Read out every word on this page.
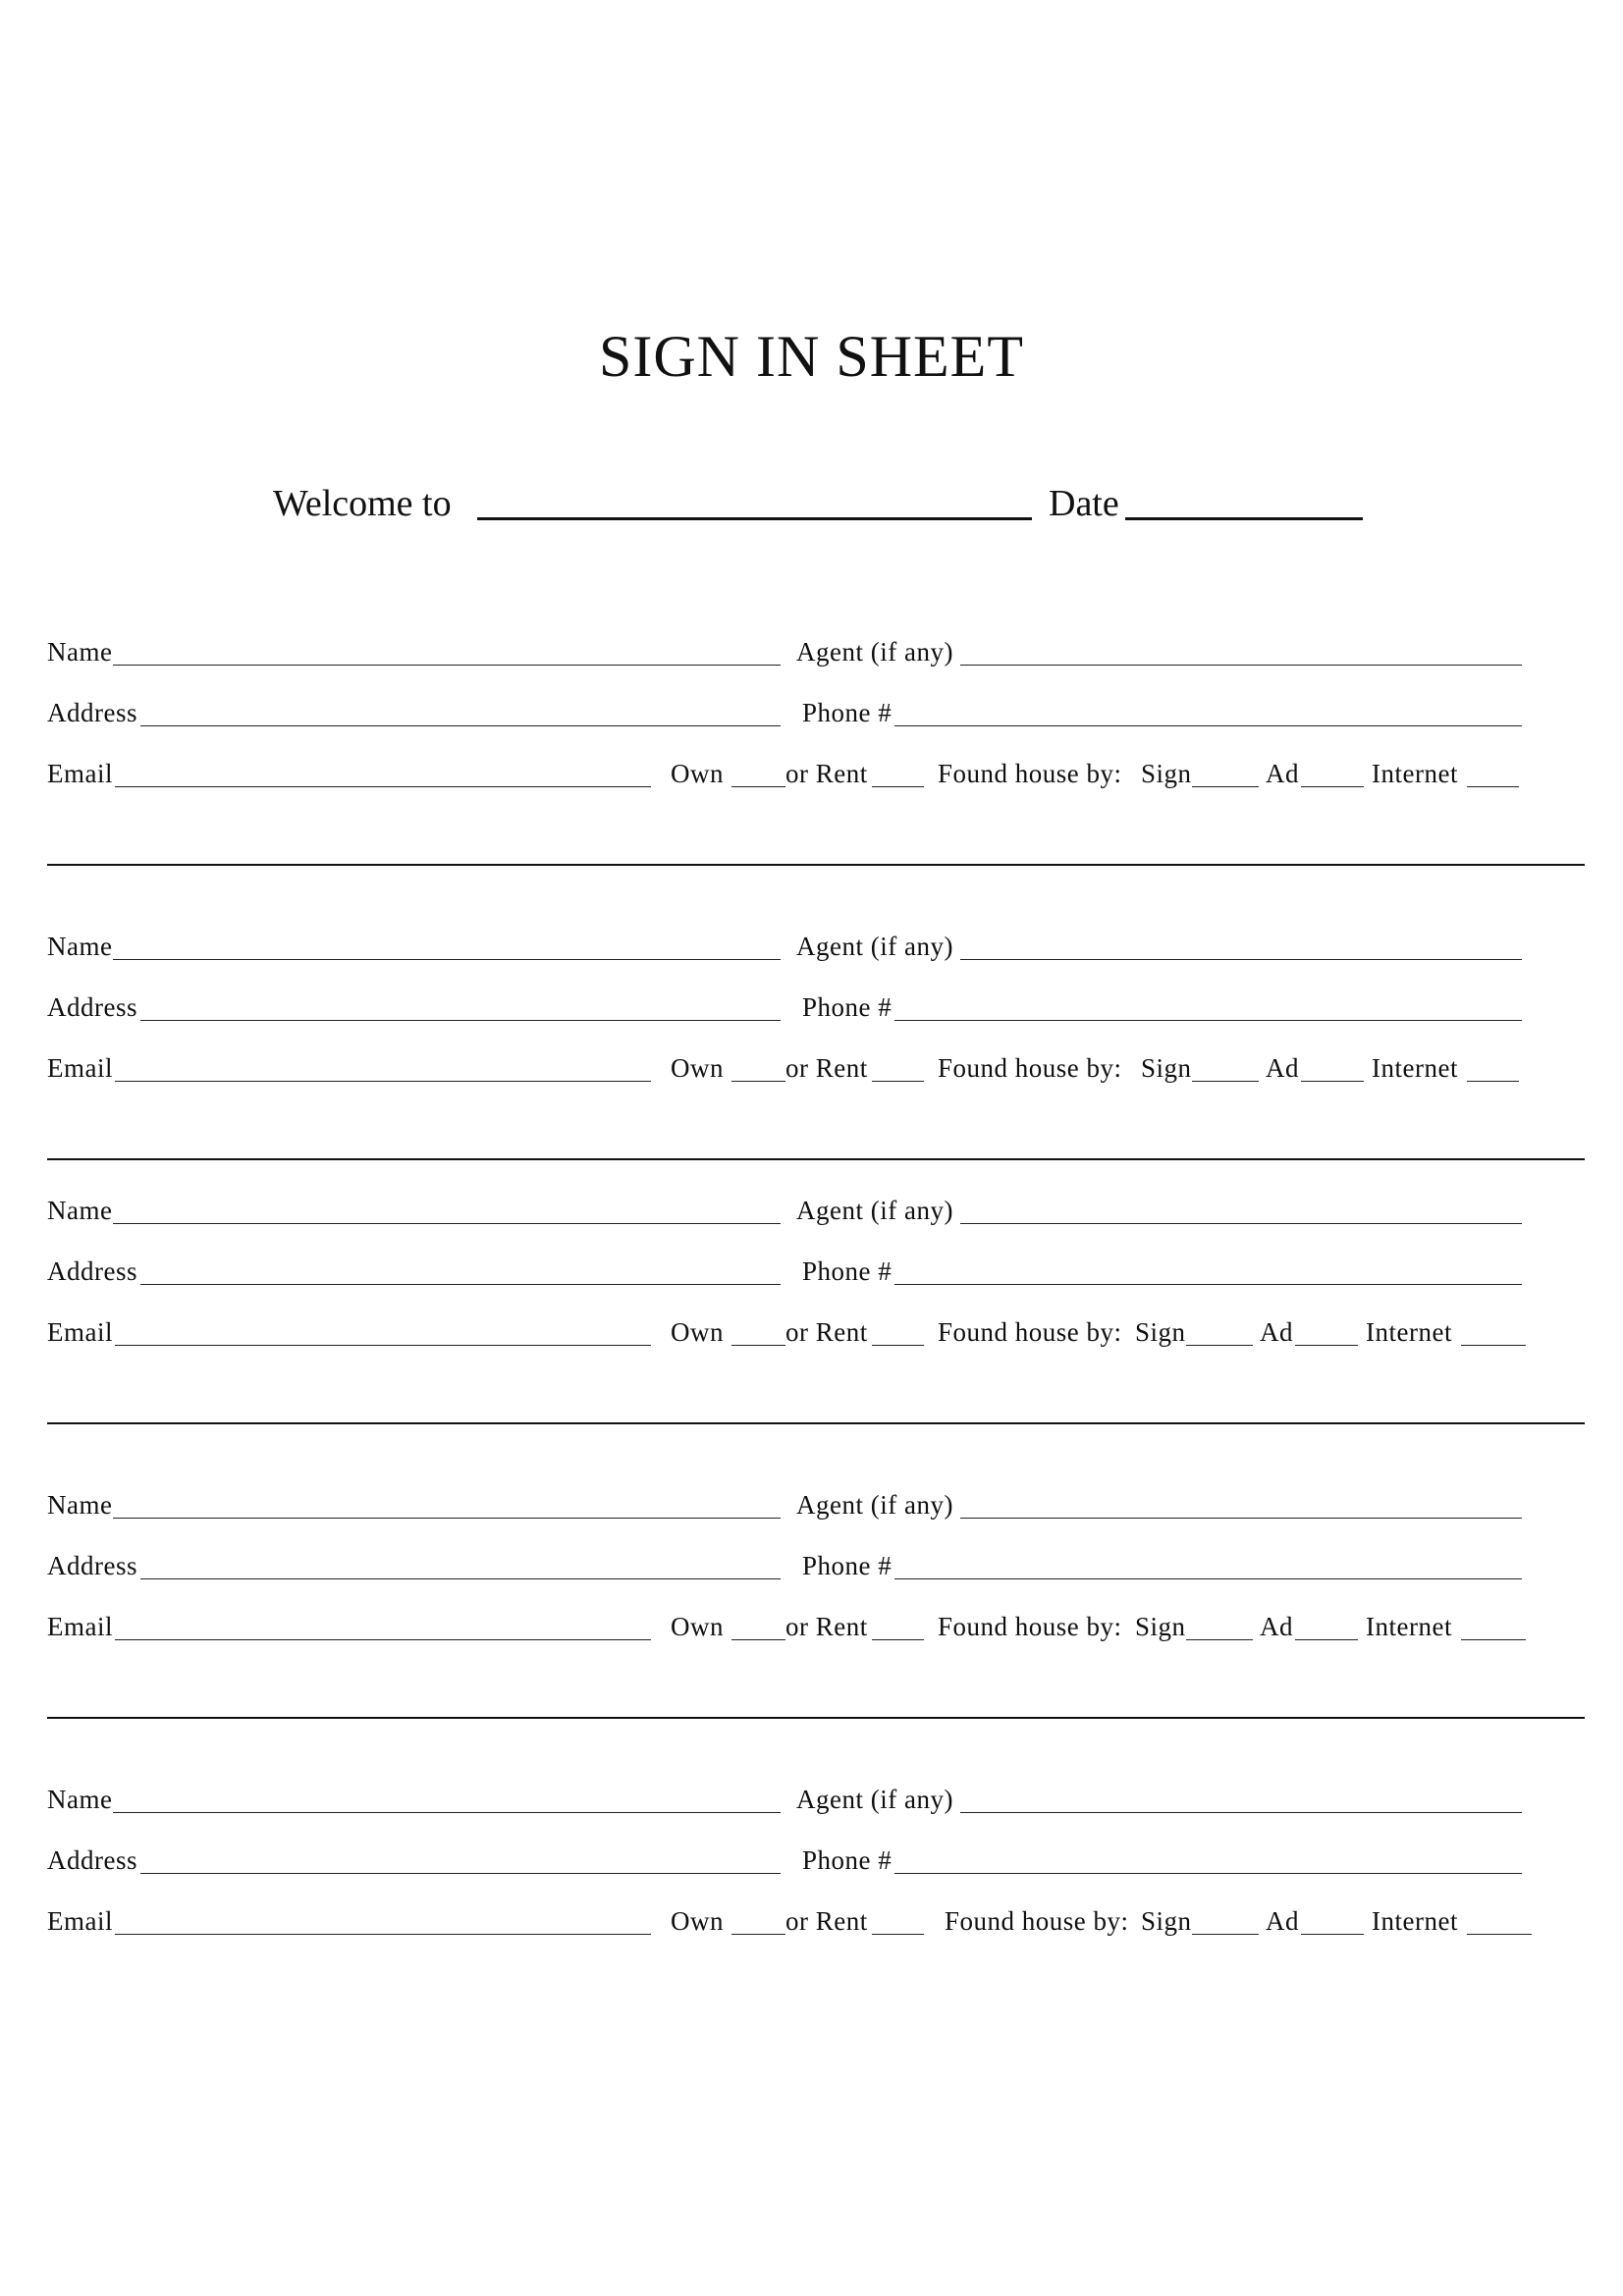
SIGN IN SHEET
Welcome to	Date
Name	Agent (if any)
Address	Phone #
Email	Own or Rent	Found house by: Sign	Ad	Internet
Name	Agent (if any)
Address	Phone #
Email	Own or Rent	Found house by: Sign	Ad	Internet
Name	Agent (if any)
Address	Phone #
Email	Own or Rent	Found house by: Sign	Ad	Internet
Name	Agent (if any)
Address	Phone #
Email	Own or Rent	Found house by: Sign	Ad	Internet
Name	Agent (if any)
Address	Phone #
Email	Own or Rent	Found house by: Sign	Ad	Internet
